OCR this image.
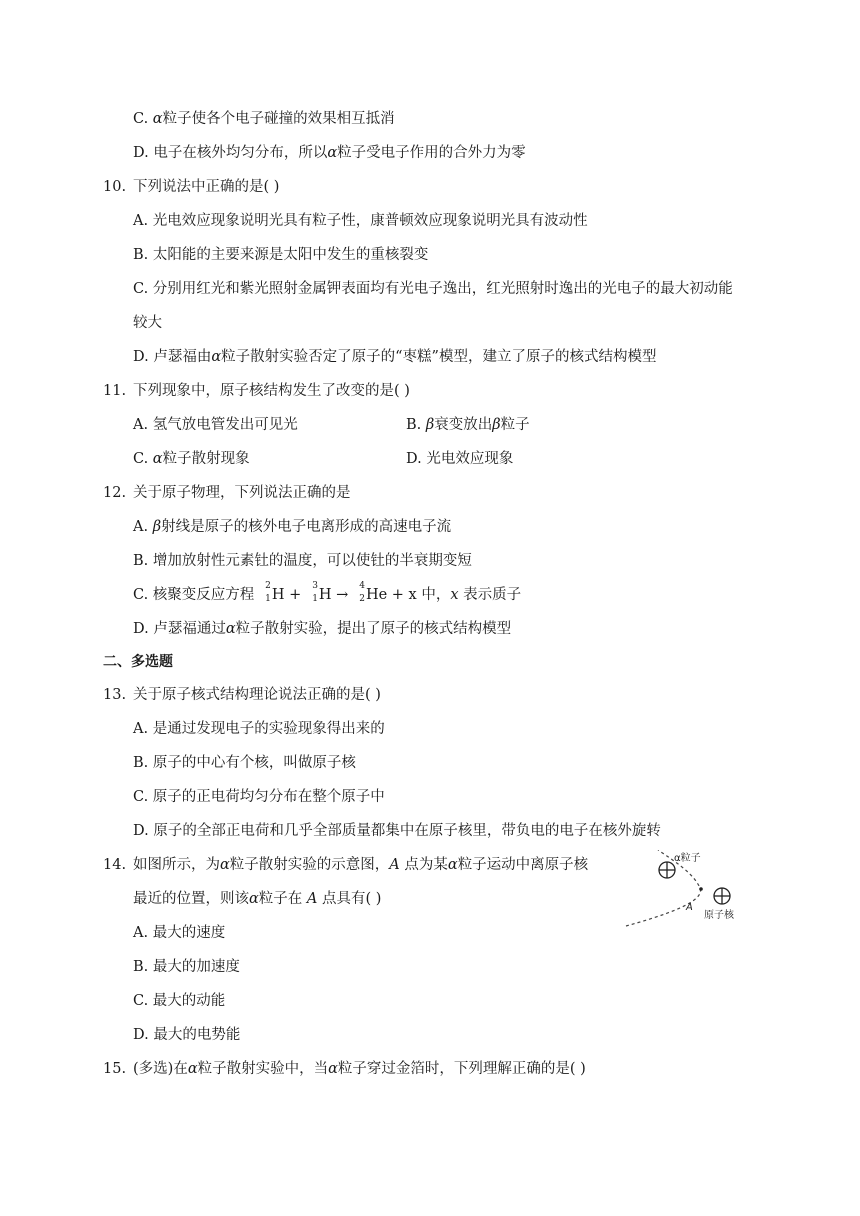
C. α粒子使各个电子碰撞的效果相互抵消
D. 电子在核外均匀分布，所以α粒子受电子作用的合外力为零
10. 下列说法中正确的是( )
A. 光电效应现象说明光具有粒子性，康普顿效应现象说明光具有波动性
B. 太阳能的主要来源是太阳中发生的重核裂变
C. 分别用红光和紫光照射金属钾表面均有光电子逸出，红光照射时逸出的光电子的最大初动能
较大
D. 卢瑟福由α粒子散射实验否定了原子的“枣糕”模型，建立了原子的核式结构模型
11. 下列现象中，原子核结构发生了改变的是( )
A. 氢气放电管发出可见光	B. β衰变放出β粒子
C. α粒子散射现象	D. 光电效应现象
12. 关于原子物理，下列说法正确的是
A. β射线是原子的核外电子电离形成的高速电子流
B. 增加放射性元素钍的温度，可以使钍的半衰期变短
C. 核聚变反应方程
2
1 H +
3
1 H →
4
2 He + x 中，x 表示质子
D. 卢瑟福通过α粒子散射实验，提出了原子的核式结构模型
二、多选题
13. 关于原子核式结构理论说法正确的是( )
A. 是通过发现电子的实验现象得出来的
B. 原子的中心有个核，叫做原子核
C. 原子的正电荷均匀分布在整个原子中
D. 原子的全部正电荷和几乎全部质量都集中在原子核里，带负电的电子在核外旋转
14. 如图所示，为α粒子散射实验的示意图，A 点为某α粒子运动中离原子核
最近的位置，则该α粒子在 A 点具有( )
α粒子
A
原子核
A. 最大的速度
B. 最大的加速度
C. 最大的动能
D. 最大的电势能
15. (多选)在α粒子散射实验中，当α粒子穿过金箔时，下列理解正确的是( )
